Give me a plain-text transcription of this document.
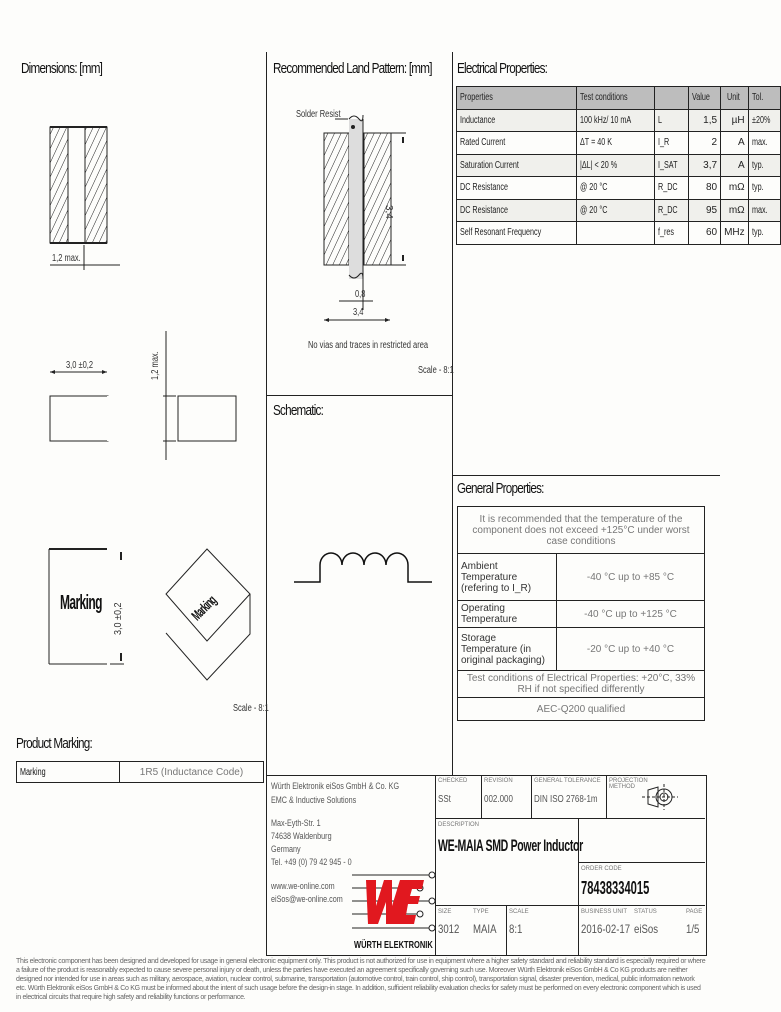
Dimensions: [mm]	Recommended Land Pattern: [mm] Electrical Properties:
Schematic:
General Properties:
Product Marking:
1,2 max.
3,0 ±0,2	1,2 max.
3,0 ±0,2
Marking	Marking
Scale - 8:1
Solder Resist
3,4
0,8
3,4
No vias and traces in restricted area
Scale - 8:1
Properties	Test conditions		Value	Unit	Tol.
Inductance	100 kHz/ 10 mA	L	1,5	µH	±20%
Rated Current	ΔT = 40 K	I_R	2	A	max.
Saturation Current	|ΔL| < 20 %	I_SAT	3,7	A	typ.
DC Resistance	@ 20 °C	R_DC	80	mΩ	typ.
DC Resistance	@ 20 °C	R_DC	95	mΩ	max.
Self Resonant Frequency		f_res	60	MHz	typ.
It is recommended that the temperature of the component does not exceed +125°C under worst case conditions	
Ambient Temperature (refering to I_R)	-40 °C up to +85 °C
Operating Temperature	-40 °C up to +125 °C
Storage Temperature (in original packaging)	-20 °C up to +40 °C
Test conditions of Electrical Properties: +20°C, 33% RH if not specified differently	
AEC-Q200 qualified	
Marking	1R5 (Inductance Code)
Würth Elektronik eiSos GmbH & Co. KG
EMC & Inductive Solutions
Max-Eyth-Str. 1
74638 Waldenburg
Germany
Tel. +49 (0) 79 42 945 - 0
www.we-online.com
eiSos@we-online.com
WÜRTH ELEKTRONIK
CHECKED
SSt
REVISION
002.000
GENERAL TOLERANCE
DIN ISO 2768-1m
PROJECTION METHOD
DESCRIPTION
WE-MAIA SMD Power Inductor
ORDER CODE
78438334015
SIZE
3012
TYPE
MAIA
SCALE
8:1
BUSINESS UNIT
2016-02-17
STATUS
eiSos
PAGE
1/5
This electronic component has been designed and developed for usage in general electronic equipment only. This product is not authorized for use in equipment where a higher safety standard and reliability standard is especially required or where a failure of the product is reasonably expected to cause severe personal injury or death, unless the parties have executed an agreement specifically governing such use. Moreover Würth Elektronik eiSos GmbH & Co KG products are neither designed nor intended for use in areas such as military, aerospace, aviation, nuclear control, submarine, transportation (automotive control, train control, ship control), transportation signal, disaster prevention, medical, public information network etc. Würth Elektronik eiSos GmbH & Co KG must be informed about the intent of such usage before the design-in stage. In addition, sufficient reliability evaluation checks for safety must be performed on every electronic component which is used in electrical circuits that require high safety and reliability functions or performance.
